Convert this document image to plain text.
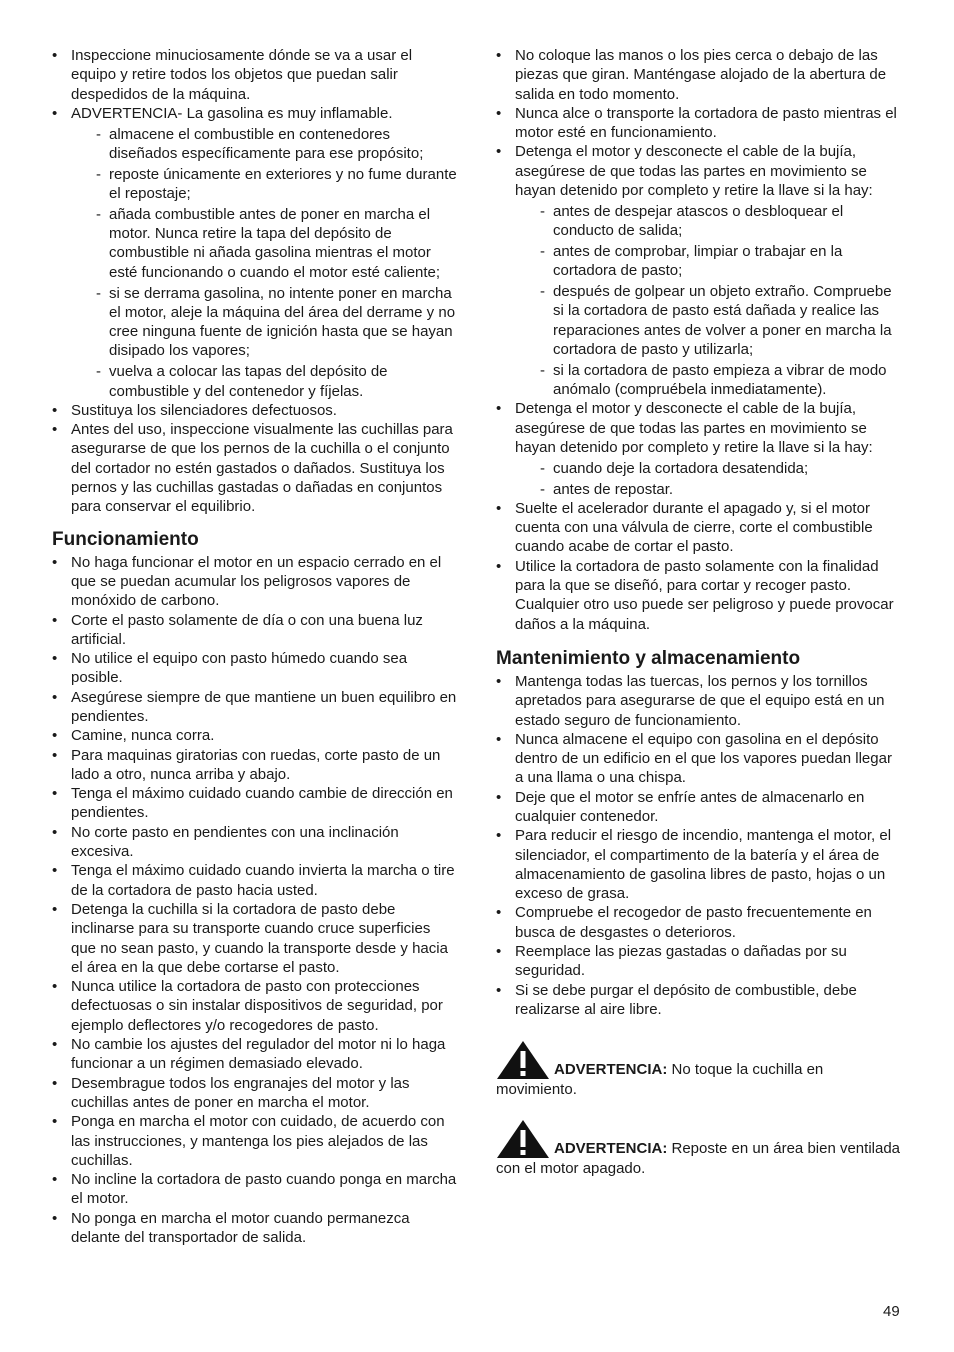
• Inspeccione minuciosamente dónde se va a usar el equipo y retire todos los objetos que puedan salir despedidos de la máquina.
• ADVERTENCIA- La gasolina es muy inflamable.
- almacene el combustible en contenedores diseñados específicamente para ese propósito;
- reposte únicamente en exteriores y no fume durante el repostaje;
- añada combustible antes de poner en marcha el motor. Nunca retire la tapa del depósito de combustible ni añada gasolina mientras el motor esté funcionando o cuando el motor esté caliente;
- si se derrama gasolina, no intente poner en marcha el motor, aleje la máquina del área del derrame y no cree ninguna fuente de ignición hasta que se hayan disipado los vapores;
- vuelva a colocar las tapas del depósito de combustible y del contenedor y fíjelas.
• Sustituya los silenciadores defectuosos.
• Antes del uso, inspeccione visualmente las cuchillas para asegurarse de que los pernos de la cuchilla o el conjunto del cortador no estén gastados o dañados. Sustituya los pernos y las cuchillas gastadas o dañadas en conjuntos para conservar el equilibrio.
Funcionamiento
• No haga funcionar el motor en un espacio cerrado en el que se puedan acumular los peligrosos vapores de monóxido de carbono.
• Corte el pasto solamente de día o con una buena luz artificial.
• No utilice el equipo con pasto húmedo cuando sea posible.
• Asegúrese siempre de que mantiene un buen equilibro en pendientes.
• Camine, nunca corra.
• Para maquinas giratorias con ruedas, corte pasto de un lado a otro, nunca arriba y abajo.
• Tenga el máximo cuidado cuando cambie de dirección en pendientes.
• No corte pasto en pendientes con una inclinación excesiva.
• Tenga el máximo cuidado cuando invierta la marcha o tire de la cortadora de pasto hacia usted.
• Detenga la cuchilla si la cortadora de pasto debe inclinarse para su transporte cuando cruce superficies que no sean pasto, y cuando la transporte desde y hacia el área en la que debe cortarse el pasto.
• Nunca utilice la cortadora de pasto con protecciones defectuosas o sin instalar dispositivos de seguridad, por ejemplo deflectores y/o recogedores de pasto.
• No cambie los ajustes del regulador del motor ni lo haga funcionar a un régimen demasiado elevado.
• Desembrague todos los engranajes del motor y las cuchillas antes de poner en marcha el motor.
• Ponga en marcha el motor con cuidado, de acuerdo con las instrucciones, y mantenga los pies alejados de las cuchillas.
• No incline la cortadora de pasto cuando ponga en marcha el motor.
• No ponga en marcha el motor cuando permanezca delante del transportador de salida.
• No coloque las manos o los pies cerca o debajo de las piezas que giran. Manténgase alojado de la abertura de salida en todo momento.
• Nunca alce o transporte la cortadora de pasto mientras el motor esté en funcionamiento.
• Detenga el motor y desconecte el cable de la bujía, asegúrese de que todas las partes en movimiento se hayan detenido por completo y retire la llave si la hay:
- antes de despejar atascos o desbloquear el conducto de salida;
- antes de comprobar, limpiar o trabajar en la cortadora de pasto;
- después de golpear un objeto extraño. Compruebe si la cortadora de pasto está dañada y realice las reparaciones antes de volver a poner en marcha la cortadora de pasto y utilizarla;
- si la cortadora de pasto empieza a vibrar de modo anómalo (compruébela inmediatamente).
• Detenga el motor y desconecte el cable de la bujía, asegúrese de que todas las partes en movimiento se hayan detenido por completo y retire la llave si la hay:
- cuando deje la cortadora desatendida;
- antes de repostar.
• Suelte el acelerador durante el apagado y, si el motor cuenta con una válvula de cierre, corte el combustible cuando acabe de cortar el pasto.
• Utilice la cortadora de pasto solamente con la finalidad para la que se diseñó, para cortar y recoger pasto. Cualquier otro uso puede ser peligroso y puede provocar daños a la máquina.
Mantenimiento y almacenamiento
• Mantenga todas las tuercas, los pernos y los tornillos apretados para asegurarse de que el equipo está en un estado seguro de funcionamiento.
• Nunca almacene el equipo con gasolina en el depósito dentro de un edificio en el que los vapores puedan llegar a una llama o una chispa.
• Deje que el motor se enfríe antes de almacenarlo en cualquier contenedor.
• Para reducir el riesgo de incendio, mantenga el motor, el silenciador, el compartimento de la batería y el área de almacenamiento de gasolina libres de pasto, hojas o un exceso de grasa.
• Compruebe el recogedor de pasto frecuentemente en busca de desgastes o deterioros.
• Reemplace las piezas gastadas o dañadas por su seguridad.
• Si se debe purgar el depósito de combustible, debe realizarse al aire libre.
ADVERTENCIA: No toque la cuchilla en movimiento.
ADVERTENCIA: Reposte en un área bien ventilada con el motor apagado.
49
